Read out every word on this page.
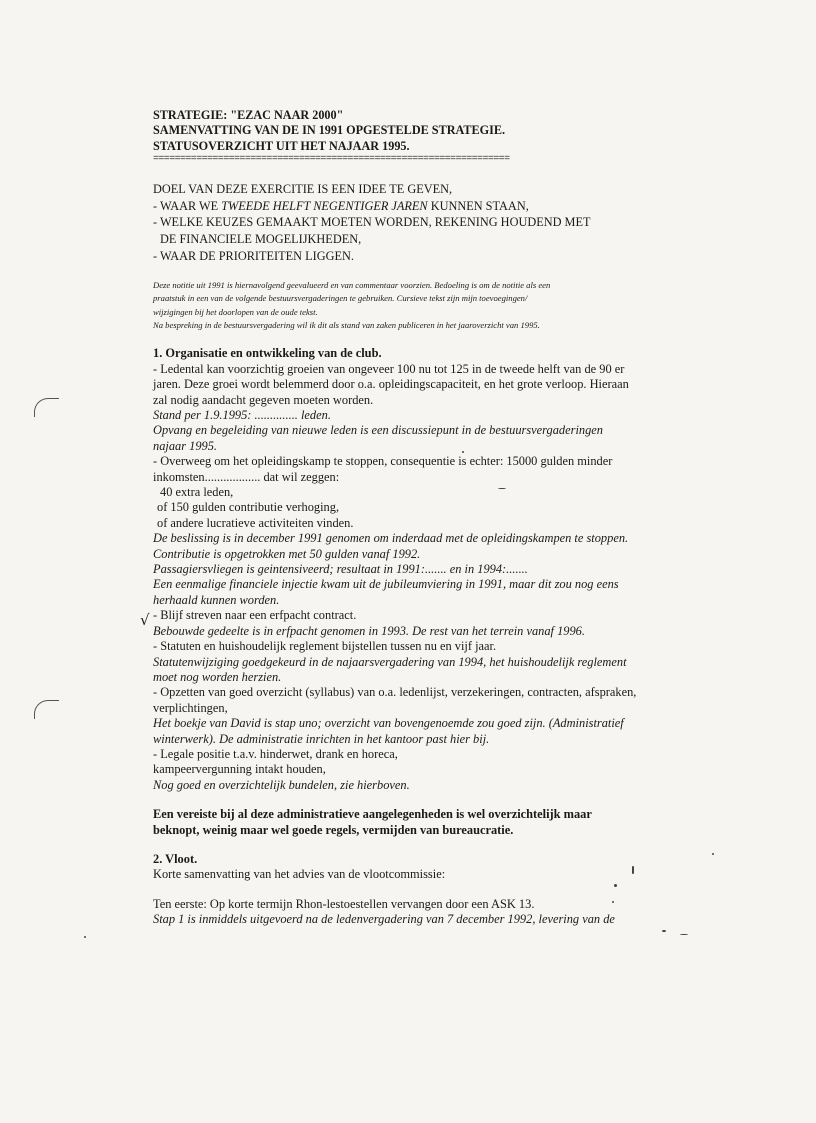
√
STRATEGIE: "EZAC NAAR 2000"
SAMENVATTING VAN DE IN 1991 OPGESTELDE STRATEGIE.
STATUSOVERZICHT UIT HET NAJAAR 1995.
==================================================================
DOEL VAN DEZE EXERCITIE IS EEN IDEE TE GEVEN,
- WAAR WE TWEEDE HELFT NEGENTIGER JAREN KUNNEN STAAN,
- WELKE KEUZES GEMAAKT MOETEN WORDEN, REKENING HOUDEND MET
DE FINANCIELE MOGELIJKHEDEN,
- WAAR DE PRIORITEITEN LIGGEN.
Deze notitie uit 1991 is hiernavolgend geevalueerd en van commentaar voorzien. Bedoeling is om de notitie als een
praatstuk in een van de volgende bestuursvergaderingen te gebruiken. Cursieve tekst zijn mijn toevoegingen/
wijzigingen bij het doorlopen van de oude tekst.
Na bespreking in de bestuursvergadering wil ik dit als stand van zaken publiceren in het jaaroverzicht van 1995.
1. Organisatie en ontwikkeling van de club.
- Ledental kan voorzichtig groeien van ongeveer 100 nu tot 125 in de tweede helft van de 90 er
jaren. Deze groei wordt belemmerd door o.a. opleidingscapaciteit, en het grote verloop. Hieraan
zal nodig aandacht gegeven moeten worden.
Stand per 1.9.1995: .............. leden.
Opvang en begeleiding van nieuwe leden is een discussiepunt in de bestuursvergaderingen
najaar 1995.
- Overweeg om het opleidingskamp te stoppen, consequentie is echter: 15000 gulden minder
inkomsten.................. dat wil zeggen:
40 extra leden,
of 150 gulden contributie verhoging,
of andere lucratieve activiteiten vinden.
De beslissing is in december 1991 genomen om inderdaad met de opleidingskampen te stoppen.
Contributie is opgetrokken met 50 gulden vanaf 1992.
Passagiersvliegen is geintensiveerd; resultaat in 1991:....... en in 1994:.......
Een eenmalige financiele injectie kwam uit de jubileumviering in 1991, maar dit zou nog eens
herhaald kunnen worden.
- Blijf streven naar een erfpacht contract.
Bebouwde gedeelte is in erfpacht genomen in 1993. De rest van het terrein vanaf 1996.
- Statuten en huishoudelijk reglement bijstellen tussen nu en vijf jaar.
Statutenwijziging goedgekeurd in de najaarsvergadering van 1994, het huishoudelijk reglement
moet nog worden herzien.
- Opzetten van goed overzicht (syllabus) van o.a. ledenlijst, verzekeringen, contracten, afspraken,
verplichtingen,
Het boekje van David is stap uno; overzicht van bovengenoemde zou goed zijn. (Administratief
winterwerk). De administratie inrichten in het kantoor past hier bij.
- Legale positie t.a.v. hinderwet, drank en horeca,
kampeervergunning intakt houden,
Nog goed en overzichtelijk bundelen, zie hierboven.
Een vereiste bij al deze administratieve aangelegenheden is wel overzichtelijk maar
beknopt, weinig maar wel goede regels, vermijden van bureaucratie.
2. Vloot.
Korte samenvatting van het advies van de vlootcommissie:
Ten eerste: Op korte termijn Rhon-lestoestellen vervangen door een ASK 13.
Stap 1 is inmiddels uitgevoerd na de ledenvergadering van 7 december 1992, levering van de
